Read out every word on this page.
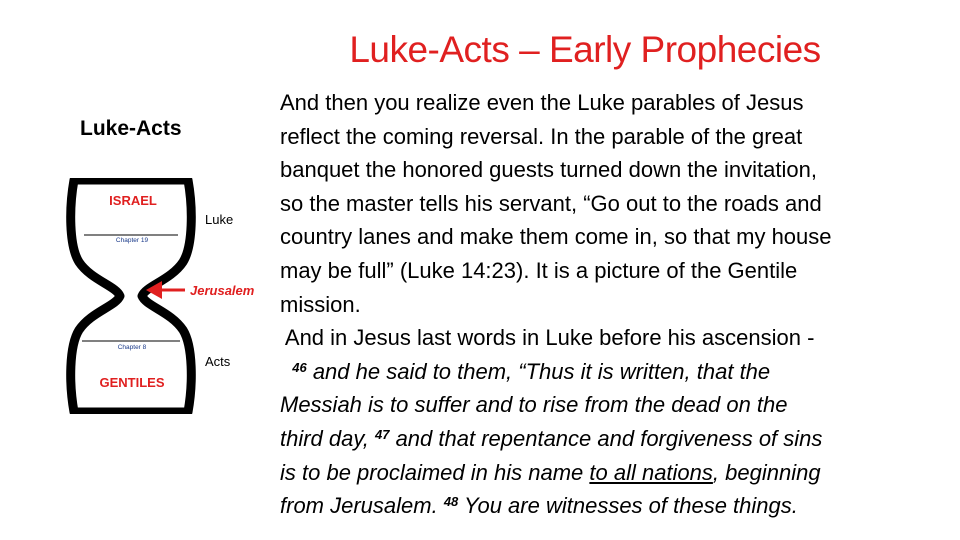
Luke-Acts – Early Prophecies
Luke-Acts
ISRAEL
Chapter 19
Chapter 8
GENTILES
Luke
Acts
Jerusalem

And then you realize even the Luke parables of Jesus

reflect the coming reversal. In the parable of the great

banquet the honored guests turned down the invitation,

so the master tells his servant, “Go out to the roads and

country lanes and make them come in, so that my house

may be full” (Luke 14:23). It is a picture of the Gentile

mission.

And in Jesus last words in Luke before his ascension -

$^{46}$ and he said to them, “Thus it is written, that the

Messiah is to suffer and to rise from the dead on the

third day, $^{47}$ and that repentance and forgiveness of sins

is to be proclaimed in his name to all nations, beginning

from Jerusalem. $^{48}$ You are witnesses of these things.
